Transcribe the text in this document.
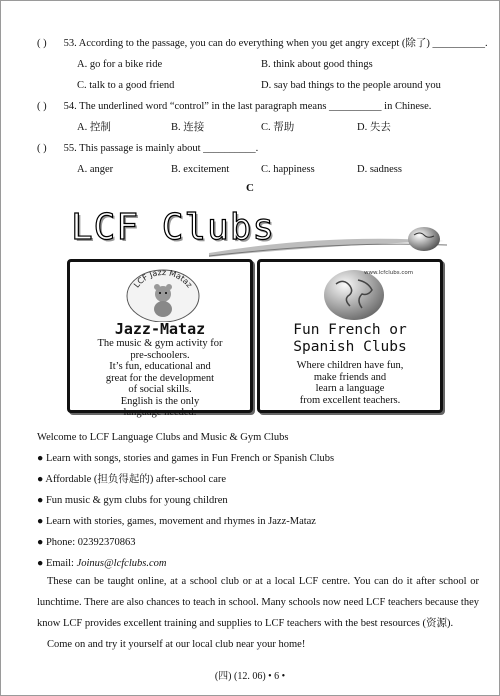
( ) 53. According to the passage, you can do everything when you get angry except (除了) __________.
A. go for a bike ride	B. think about good things
C. talk to a good friend	D. say bad things to the people around you
( ) 54. The underlined word “control” in the last paragraph means __________ in Chinese.
A. 控制	B. 连接	C. 帮助	D. 失去
( ) 55. This passage is mainly about __________.
A. anger	B. excitement	C. happiness	D. sadness
C
LCF Clubs
LCF Jazz Mataz
Jazz-Mataz
The music & gym activity for
pre-schoolers.
It’s fun, educational and
great for the development
of social skills.
English is the only
language needed.
www.lcfclubs.com
Fun French or
Spanish Clubs
Where children have fun,
make friends and
learn a language
from excellent teachers.
Welcome to LCF Language Clubs and Music & Gym Clubs
● Learn with songs, stories and games in Fun French or Spanish Clubs
● Affordable (担负得起的) after-school care
● Fun music & gym clubs for young children
● Learn with stories, games, movement and rhymes in Jazz-Mataz
● Phone: 02392370863
● Email: Joinus@lcfclubs.com
These can be taught online, at a school club or at a local LCF centre. You can do it after school or lunchtime. There are also chances to teach in school. Many schools now need LCF teachers because they know LCF provides excellent training and supplies to LCF teachers with the best resources (资源).
Come on and try it yourself at our local club near your home!
(四) (12. 06) • 6 •
